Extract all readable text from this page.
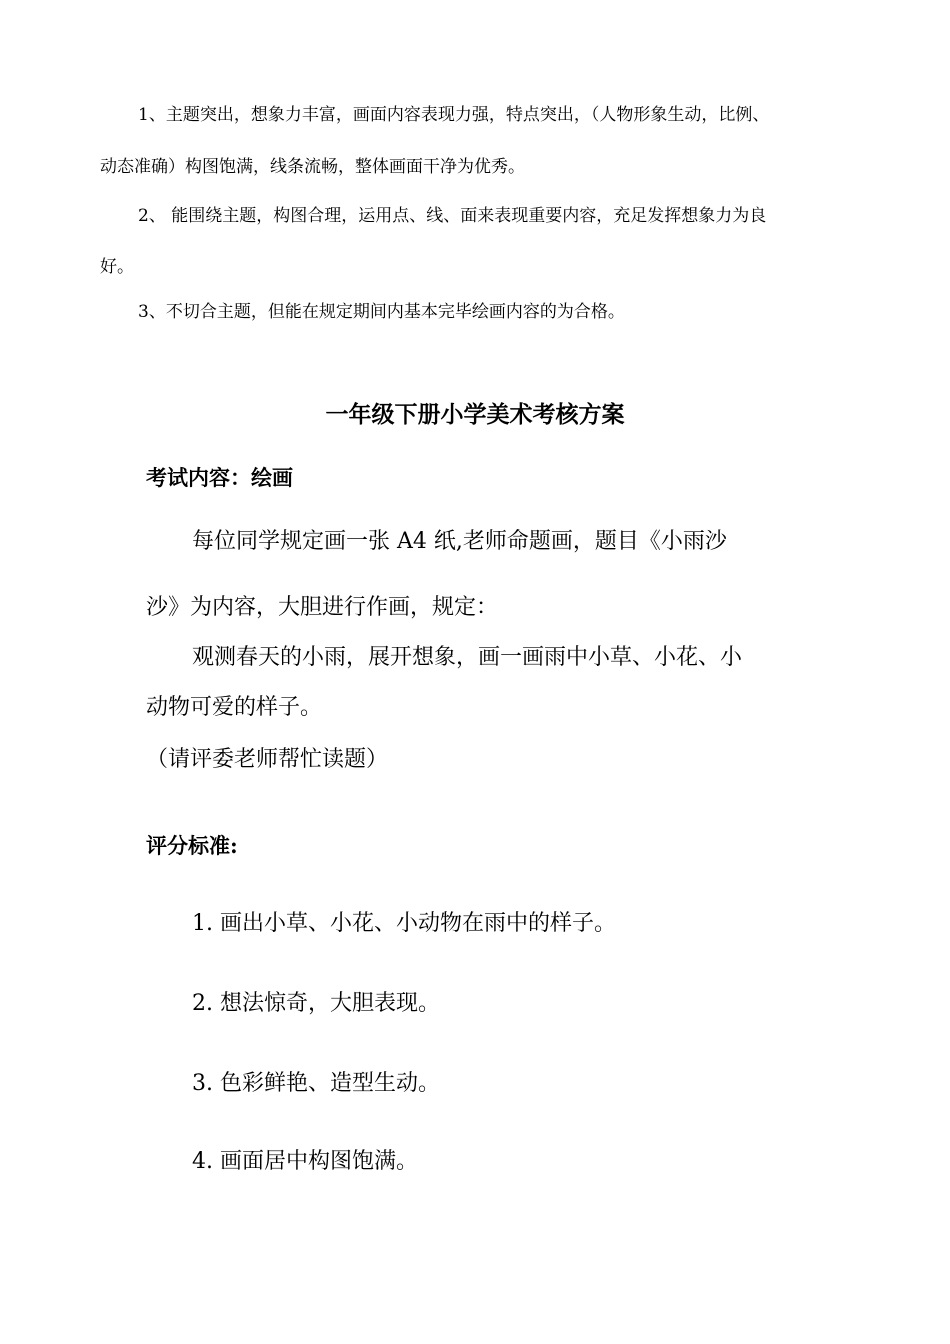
1、主题突出，想象力丰富，画面内容表现力强，特点突出，（人物形象生动，比例、

动态准确）构图饱满，线条流畅，整体画面干净为优秀。

2、 能围绕主题，构图合理，运用点、线、面来表现重要内容，充足发挥想象力为良

好。

3、不切合主题，但能在规定期间内基本完毕绘画内容的为合格。

一年级下册小学美术考核方案
考试内容：绘画

每位同学规定画一张 A4 纸,老师命题画，题目《小雨沙

沙》为内容，大胆进行作画，规定：

观测春天的小雨，展开想象，画一画雨中小草、小花、小

动物可爱的样子。

（请评委老师帮忙读题）

评分标准:

1. 画出小草、小花、小动物在雨中的样子。

2. 想法惊奇，大胆表现。

3. 色彩鲜艳、造型生动。

4. 画面居中构图饱满。
